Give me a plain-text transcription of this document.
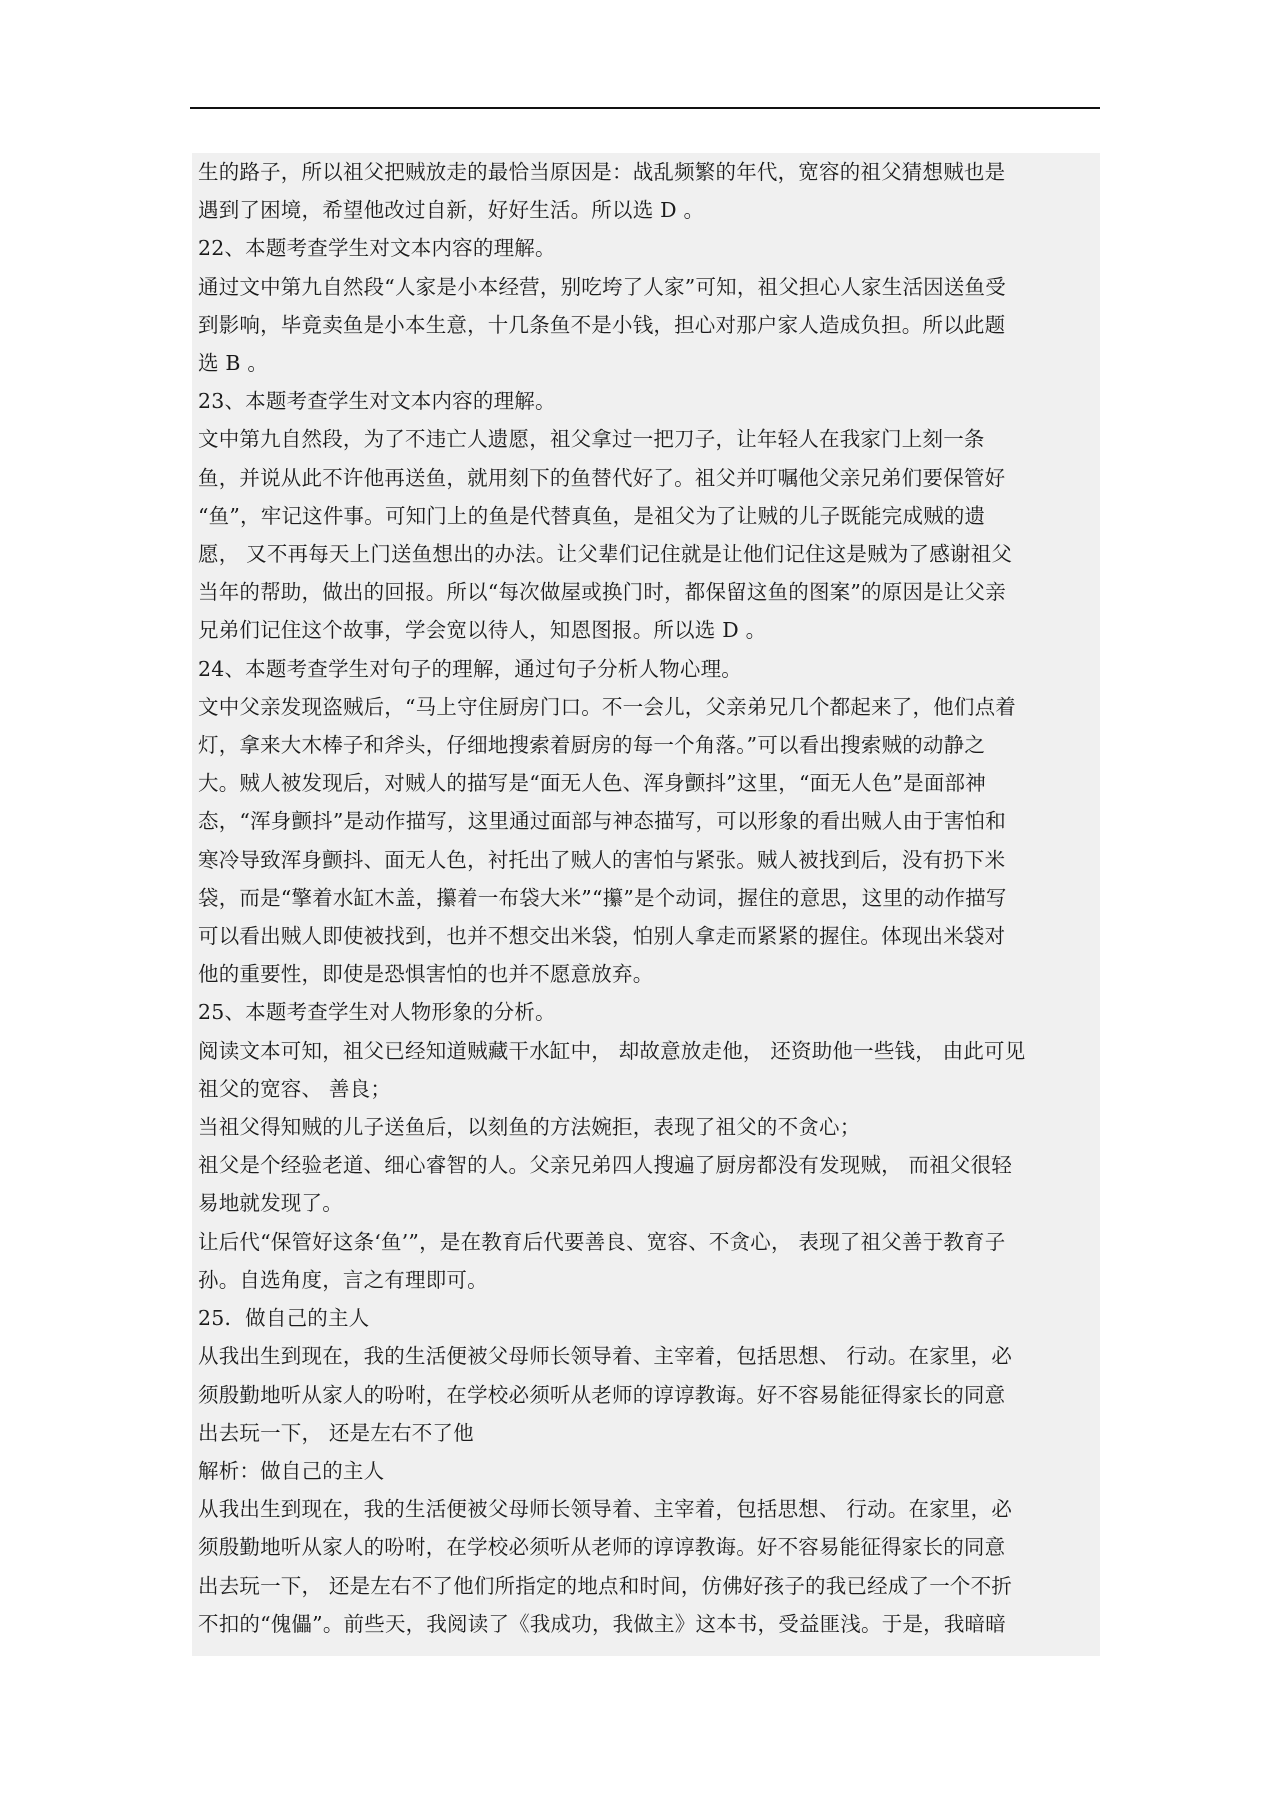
生的路子，所以祖父把贼放走的最恰当原因是：战乱频繁的年代，宽容的祖父猜想贼也是
遇到了困境，希望他改过自新，好好生活。所以选 D 。
22、本题考查学生对文本内容的理解。
通过文中第九自然段“人家是小本经营，别吃垮了人家”可知，祖父担心人家生活因送鱼受
到影响，毕竟卖鱼是小本生意，十几条鱼不是小钱，担心对那户家人造成负担。所以此题
选 B 。
23、本题考查学生对文本内容的理解。
文中第九自然段，为了不违亡人遗愿，祖父拿过一把刀子，让年轻人在我家门上刻一条
鱼，并说从此不许他再送鱼，就用刻下的鱼替代好了。祖父并叮嘱他父亲兄弟们要保管好
“鱼”，牢记这件事。可知门上的鱼是代替真鱼，是祖父为了让贼的儿子既能完成贼的遗
愿， 又不再每天上门送鱼想出的办法。让父辈们记住就是让他们记住这是贼为了感谢祖父
当年的帮助，做出的回报。所以“每次做屋或换门时，都保留这鱼的图案”的原因是让父亲
兄弟们记住这个故事，学会宽以待人，知恩图报。所以选 D 。
24、本题考查学生对句子的理解，通过句子分析人物心理。
文中父亲发现盗贼后，“马上守住厨房门口。不一会儿，父亲弟兄几个都起来了，他们点着
灯，拿来大木棒子和斧头，仔细地搜索着厨房的每一个角落。”可以看出搜索贼的动静之
大。贼人被发现后，对贼人的描写是“面无人色、浑身颤抖”这里，“面无人色”是面部神
态，“浑身颤抖”是动作描写，这里通过面部与神态描写，可以形象的看出贼人由于害怕和
寒冷导致浑身颤抖、面无人色，衬托出了贼人的害怕与紧张。贼人被找到后，没有扔下米
袋，而是“擎着水缸木盖，攥着一布袋大米”“攥”是个动词，握住的意思，这里的动作描写
可以看出贼人即使被找到，也并不想交出米袋，怕别人拿走而紧紧的握住。体现出米袋对
他的重要性，即使是恐惧害怕的也并不愿意放弃。
25、本题考查学生对人物形象的分析。
阅读文本可知，祖父已经知道贼藏干水缸中， 却故意放走他， 还资助他一些钱， 由此可见
祖父的宽容、 善良；
当祖父得知贼的儿子送鱼后，以刻鱼的方法婉拒，表现了祖父的不贪心；
祖父是个经验老道、细心睿智的人。父亲兄弟四人搜遍了厨房都没有发现贼， 而祖父很轻
易地就发现了。
让后代“保管好这条‘鱼’”，是在教育后代要善良、宽容、不贪心， 表现了祖父善于教育子
孙。自选角度，言之有理即可。
25．做自己的主人
从我出生到现在，我的生活便被父母师长领导着、主宰着，包括思想、 行动。在家里，必
须殷勤地听从家人的吩咐，在学校必须听从老师的谆谆教诲。好不容易能征得家长的同意
出去玩一下， 还是左右不了他
解析：做自己的主人
从我出生到现在，我的生活便被父母师长领导着、主宰着，包括思想、 行动。在家里，必
须殷勤地听从家人的吩咐，在学校必须听从老师的谆谆教诲。好不容易能征得家长的同意
出去玩一下， 还是左右不了他们所指定的地点和时间，仿佛好孩子的我已经成了一个不折
不扣的“傀儡”。前些天，我阅读了《我成功，我做主》这本书，受益匪浅。于是，我暗暗
